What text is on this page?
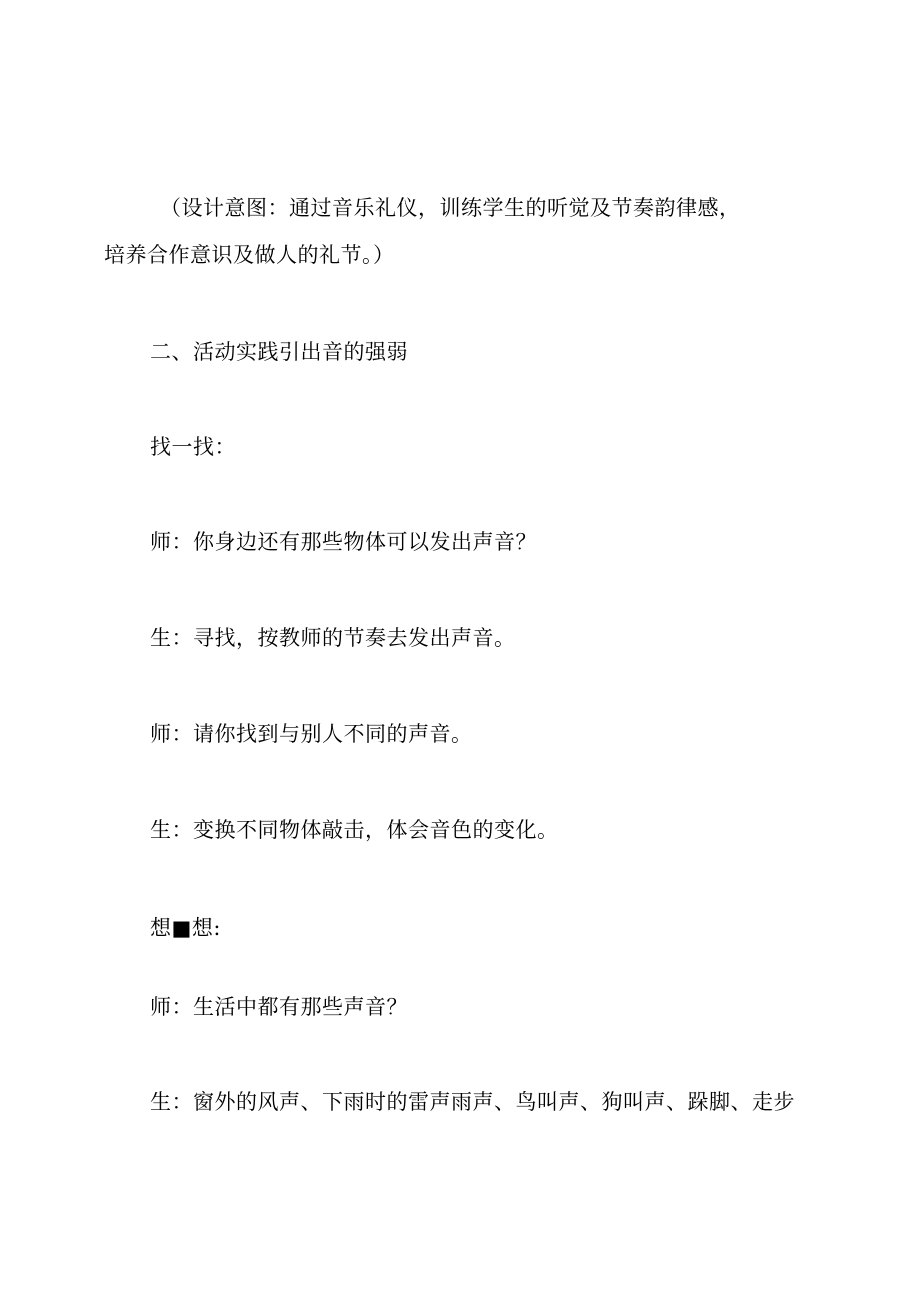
（设计意图：通过音乐礼仪，训练学生的听觉及节奏韵律感，
培养合作意识及做人的礼节。）
二、活动实践引出音的强弱
找一找：
师：你身边还有那些物体可以发出声音？
生：寻找，按教师的节奏去发出声音。
师：请你找到与别人不同的声音。
生：变换不同物体敲击，体会音色的变化。
想■想:
师：生活中都有那些声音？
生：窗外的风声、下雨时的雷声雨声、鸟叫声、狗叫声、跺脚、走步
